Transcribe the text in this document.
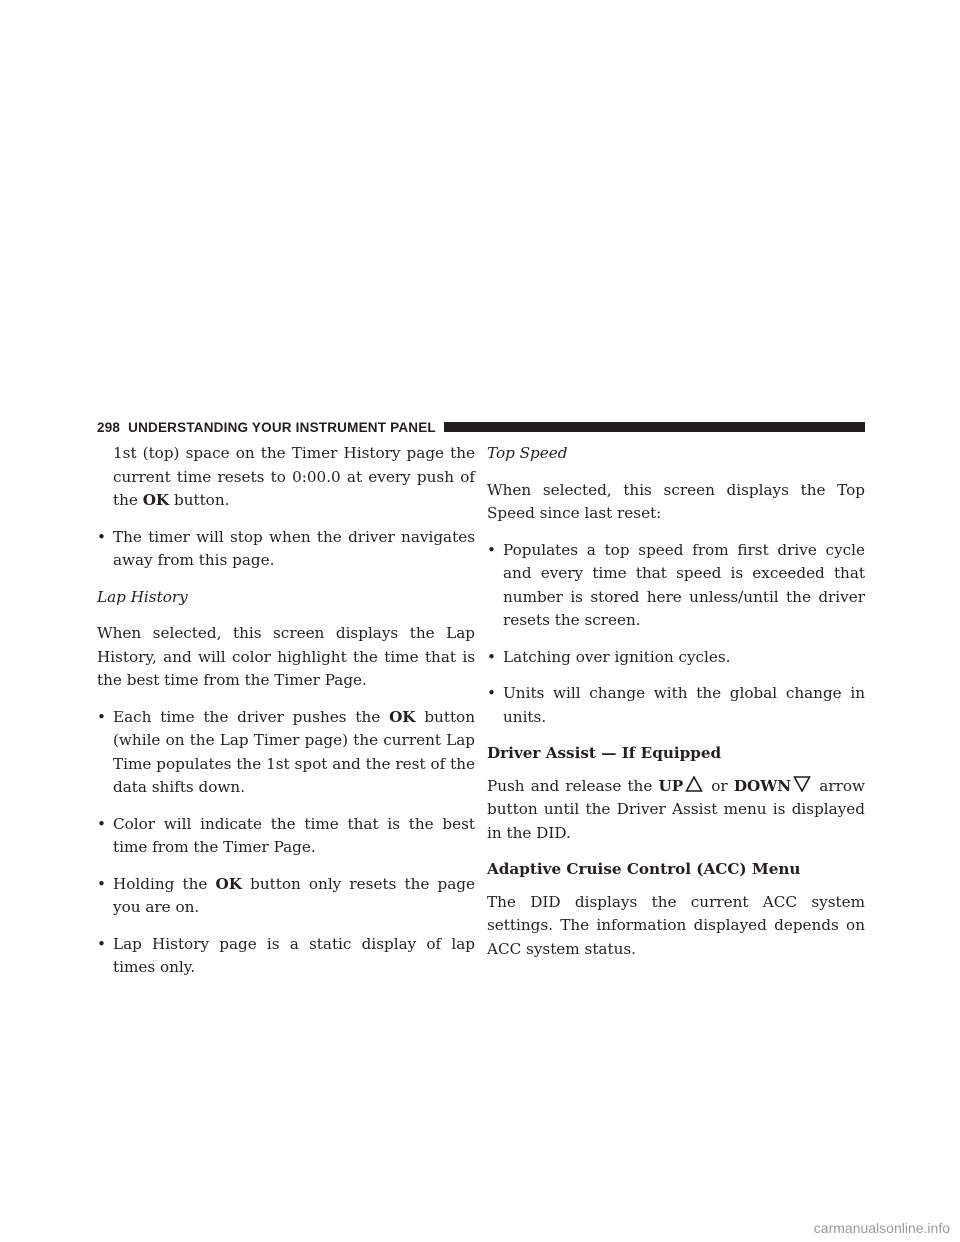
298 UNDERSTANDING YOUR INSTRUMENT PANEL

1st (top) space on the Timer History page the current time resets to 0:00.0 at every push of the OK button.

• The timer will stop when the driver navigates away from this page.

Lap History

When selected, this screen displays the Lap History, and will color highlight the time that is the best time from the Timer Page.

• Each time the driver pushes the OK button (while on the Lap Timer page) the current Lap Time populates the 1st spot and the rest of the data shifts down.
• Color will indicate the time that is the best time from the Timer Page.
• Holding the OK button only resets the page you are on.
• Lap History page is a static display of lap times only.

Top Speed

When selected, this screen displays the Top Speed since last reset:

• Populates a top speed from first drive cycle and every time that speed is exceeded that number is stored here unless/until the driver resets the screen.
• Latching over ignition cycles.
• Units will change with the global change in units.

Driver Assist — If Equipped

Push and release the UP or DOWN arrow button until the Driver Assist menu is displayed in the DID.

Adaptive Cruise Control (ACC) Menu

The DID displays the current ACC system settings. The information displayed depends on ACC system status.

carmanualsonline.info
